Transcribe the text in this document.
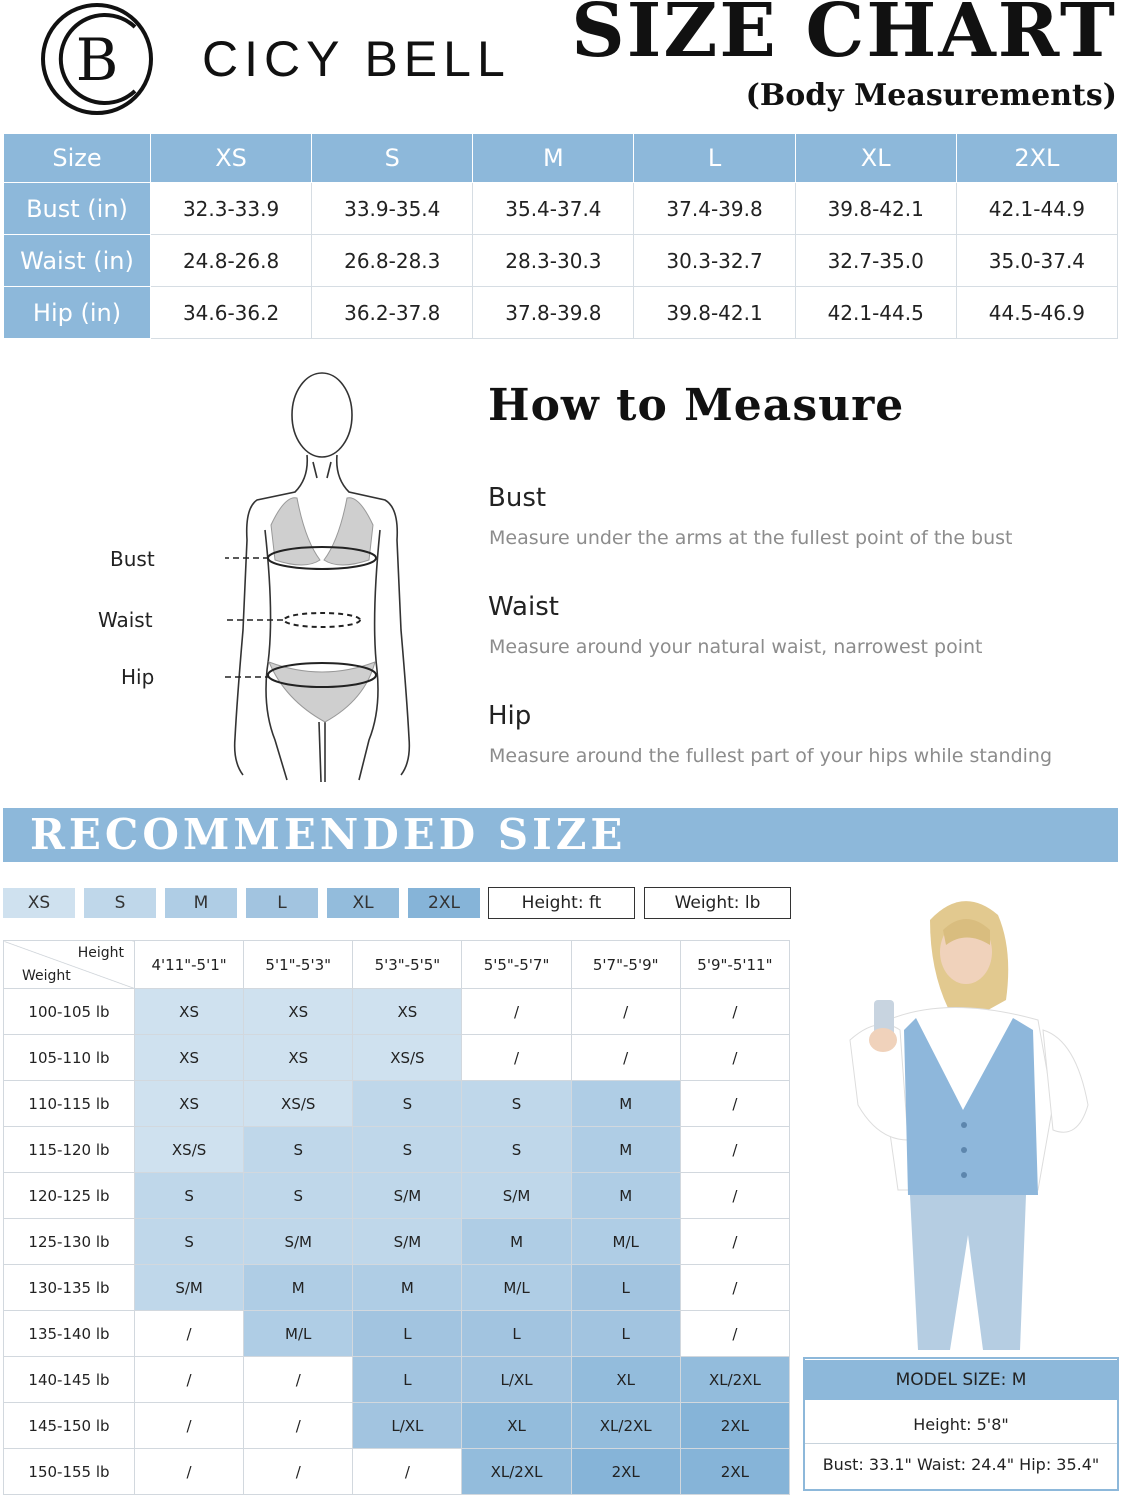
B CICY BELL SIZE CHART
(Body Measurements)
Size	XS	S	M	L	XL	2XL
Bust (in)	32.3-33.9	33.9-35.4	35.4-37.4	37.4-39.8	39.8-42.1	42.1-44.9
Waist (in)	24.8-26.8	26.8-28.3	28.3-30.3	30.3-32.7	32.7-35.0	35.0-37.4
Hip (in)	34.6-36.2	36.2-37.8	37.8-39.8	39.8-42.1	42.1-44.5	44.5-46.9
Bust
Waist
Hip
How to Measure
Bust
Measure under the arms at the fullest point of the bust
Waist
Measure around your natural waist, narrowest point
Hip
Measure around the fullest part of your hips while standing
RECOMMENDED SIZE
XS	S	M	L	XL	2XL	Height: ft	Weight: lb
Height
Weight	4'11"-5'1"	5'1"-5'3"	5'3"-5'5"	5'5"-5'7"	5'7"-5'9"	5'9"-5'11"
100-105 lb	XS	XS	XS	/	/	/
105-110 lb	XS	XS	XS/S	/	/	/
110-115 lb	XS	XS/S	S	S	M	/
115-120 lb	XS/S	S	S	S	M	/
120-125 lb	S	S	S/M	S/M	M	/
125-130 lb	S	S/M	S/M	M	M/L	/
130-135 lb	S/M	M	M	M/L	L	/
135-140 lb	/	M/L	L	L	L	/
140-145 lb	/	/	L	L/XL	XL	XL/2XL
145-150 lb	/	/	L/XL	XL	XL/2XL	2XL
150-155 lb	/	/	/	XL/2XL	2XL	2XL
MODEL SIZE: M
Height: 5'8"
Bust: 33.1" Waist: 24.4" Hip: 35.4"
